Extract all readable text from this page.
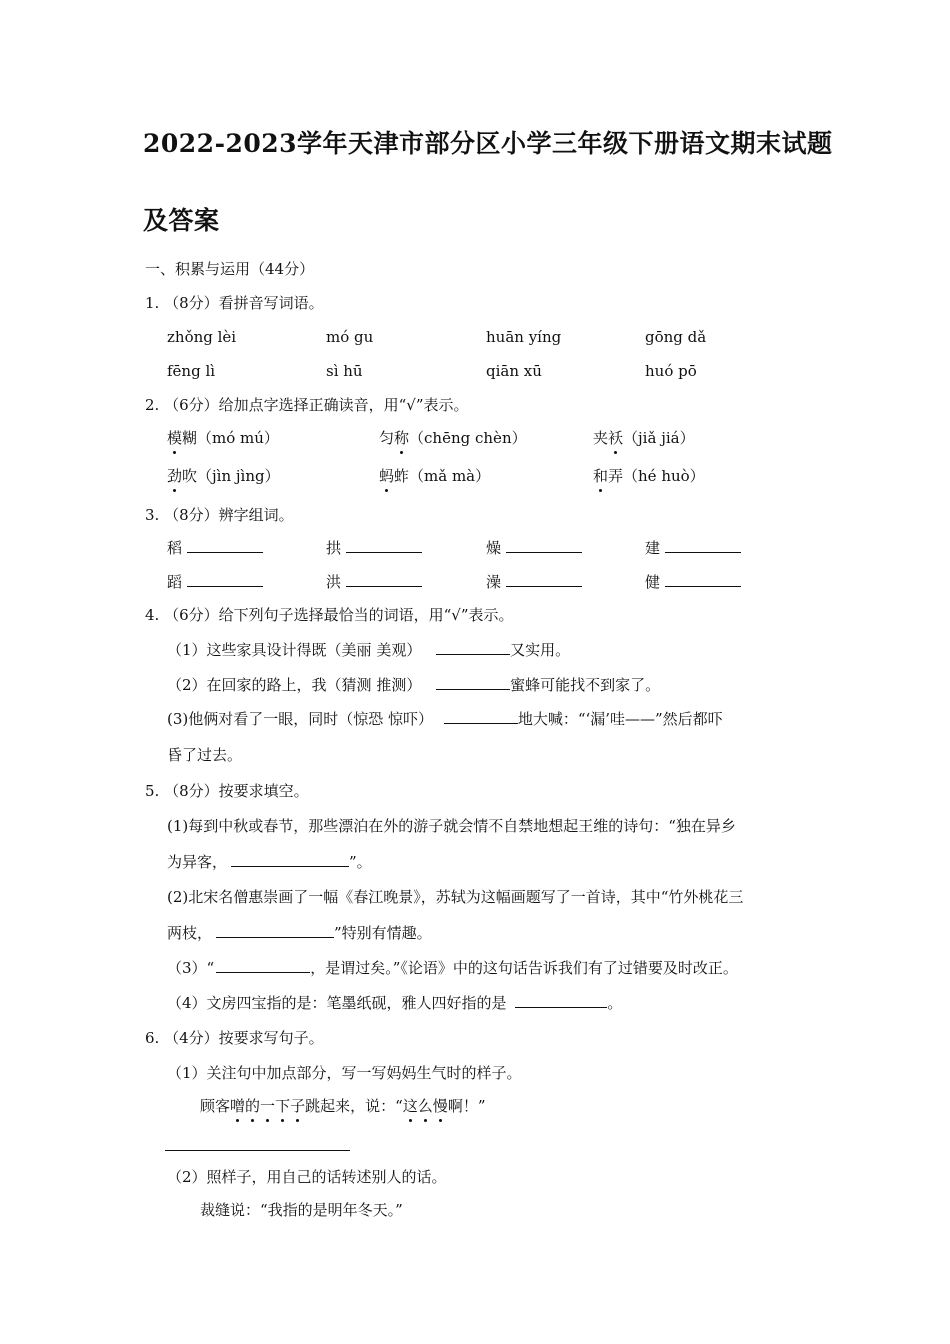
2022-2023学年天津市部分区小学三年级下册语文期末试题
及答案
一、积累与运用（44分）
1. （8分）看拼音写词语。
zhǒng lèi	mó gu	huān yíng	gōng dǎ
fēng lì	sì hū	qiān xū	huó pō
2. （6分）给加点字选择正确读音，用“√”表示。
模糊（mó mú）	匀称（chēng chèn）	夹袄（jiǎ jiá）
劲吹（jìn jìng）	蚂蚱（mǎ mà）	和弄（hé huò）
3. （8分）辨字组词。
稻	拱	燥	建
蹈	洪	澡	健
4. （6分）给下列句子选择最恰当的词语，用“√”表示。
（1）这些家具设计得既（美丽 美观）	又实用。
（2）在回家的路上，我（猜测 推测）	蜜蜂可能找不到家了。
(3)他俩对看了一眼，同时（惊恐 惊吓）	地大喊：“‘漏’哇——”然后都吓
昏了过去。
5. （8分）按要求填空。
(1)每到中秋或春节，那些漂泊在外的游子就会情不自禁地想起王维的诗句：“独在异乡
为异客，	”。
(2)北宋名僧惠崇画了一幅《春江晚景》，苏轼为这幅画题写了一首诗，其中“竹外桃花三
两枝，	”特别有情趣。
（3）“	，是谓过矣。”《论语》中的这句话告诉我们有了过错要及时改正。
（4）文房四宝指的是：笔墨纸砚，雅人四好指的是	。
6. （4分）按要求写句子。
（1）关注句中加点部分，写一写妈妈生气时的样子。
顾客噌的一下子跳起来，说：“这么慢啊！”
（2）照样子，用自己的话转述别人的话。
裁缝说：“我指的是明年冬天。”
